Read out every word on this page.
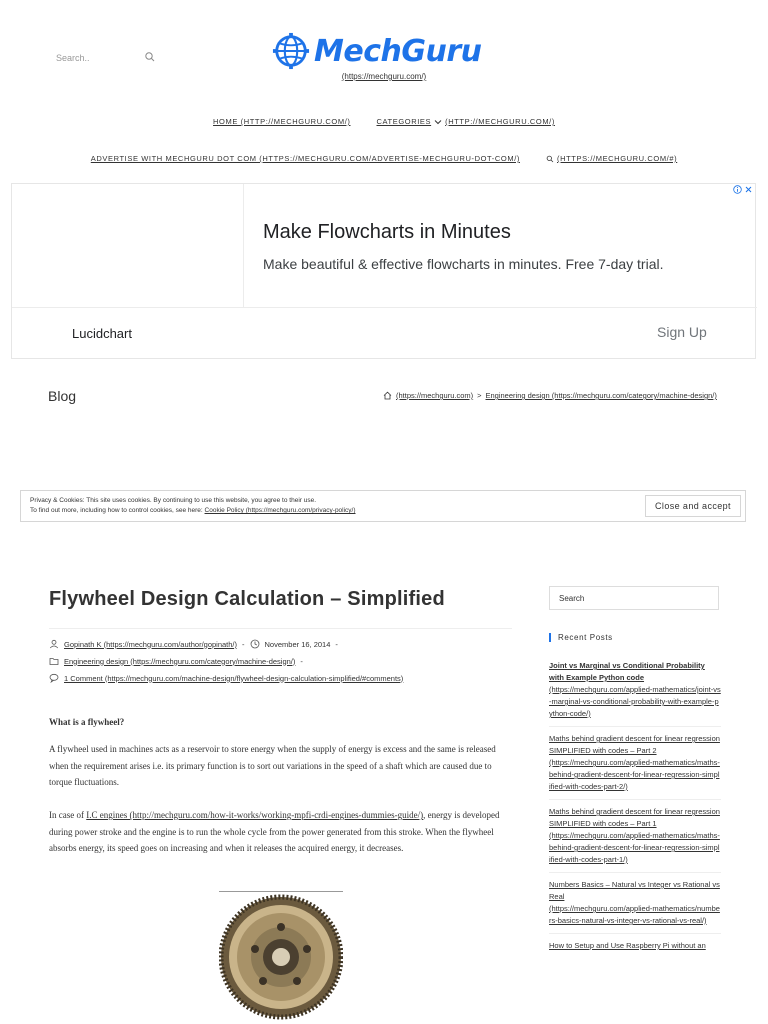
Search..	MechGuru
(https://mechguru.com/)
HOME (HTTP://MECHGURU.COM/)	CATEGORIES (HTTP://MECHGURU.COM/)
ADVERTISE WITH MECHGURU DOT COM (HTTPS://MECHGURU.COM/ADVERTISE-MECHGURU-DOT-COM/)	(HTTPS://MECHGURU.COM/#)
Make Flowcharts in Minutes
Make beautiful & effective flowcharts in minutes. Free 7-day trial.
Lucidchart	Sign Up
Blog	(https://mechguru.com) > Engineering design (https://mechguru.com/category/machine-design/)
Privacy & Cookies: This site uses cookies. By continuing to use this website, you agree to their use.
To find out more, including how to control cookies, see here: Cookie Policy (https://mechguru.com/privacy-policy/)	Close and accept
Flywheel Design Calculation – Simplified
Gopinath K (https://mechguru.com/author/gopinath/) -	November 16, 2014 -
Engineering design (https://mechguru.com/category/machine-design/) -
1 Comment (https://mechguru.com/machine-design/flywheel-design-calculation-simplified/#comments)
What is a flywheel?

A flywheel used in machines acts as a reservoir to store energy when the supply of energy is excess and the same is released when the requirement arises i.e. its primary function is to sort out variations in the speed of a shaft which are caused due to torque fluctuations.

In case of I.C engines (http://mechguru.com/how-it-works/working-mpfi-crdi-engines-dummies-guide/), energy is developed during power stroke and the engine is to run the whole cycle from the power generated from this stroke. When the flywheel absorbs energy, its speed goes on increasing and when it releases the acquired energy, it decreases.

Search
Recent Posts
Joint vs Marginal vs Conditional Probability with Example Python code
(https://mechguru.com/applied-mathematics/joint-vs-marginal-vs-conditional-probability-with-example-python-code/)
Maths behind gradient descent for linear regression SIMPLIFIED with codes – Part 2
(https://mechguru.com/applied-mathematics/maths-behind-gradient-descent-for-linear-regression-simplified-with-codes-part-2/)
Maths behind gradient descent for linear regression SIMPLIFIED with codes – Part 1
(https://mechguru.com/applied-mathematics/maths-behind-gradient-descent-for-linear-regression-simplified-with-codes-part-1/)
Numbers Basics – Natural vs Integer vs Rational vs Real
(https://mechguru.com/applied-mathematics/numbers-basics-natural-vs-integer-vs-rational-vs-real/)
How to Setup and Use Raspberry Pi without an
